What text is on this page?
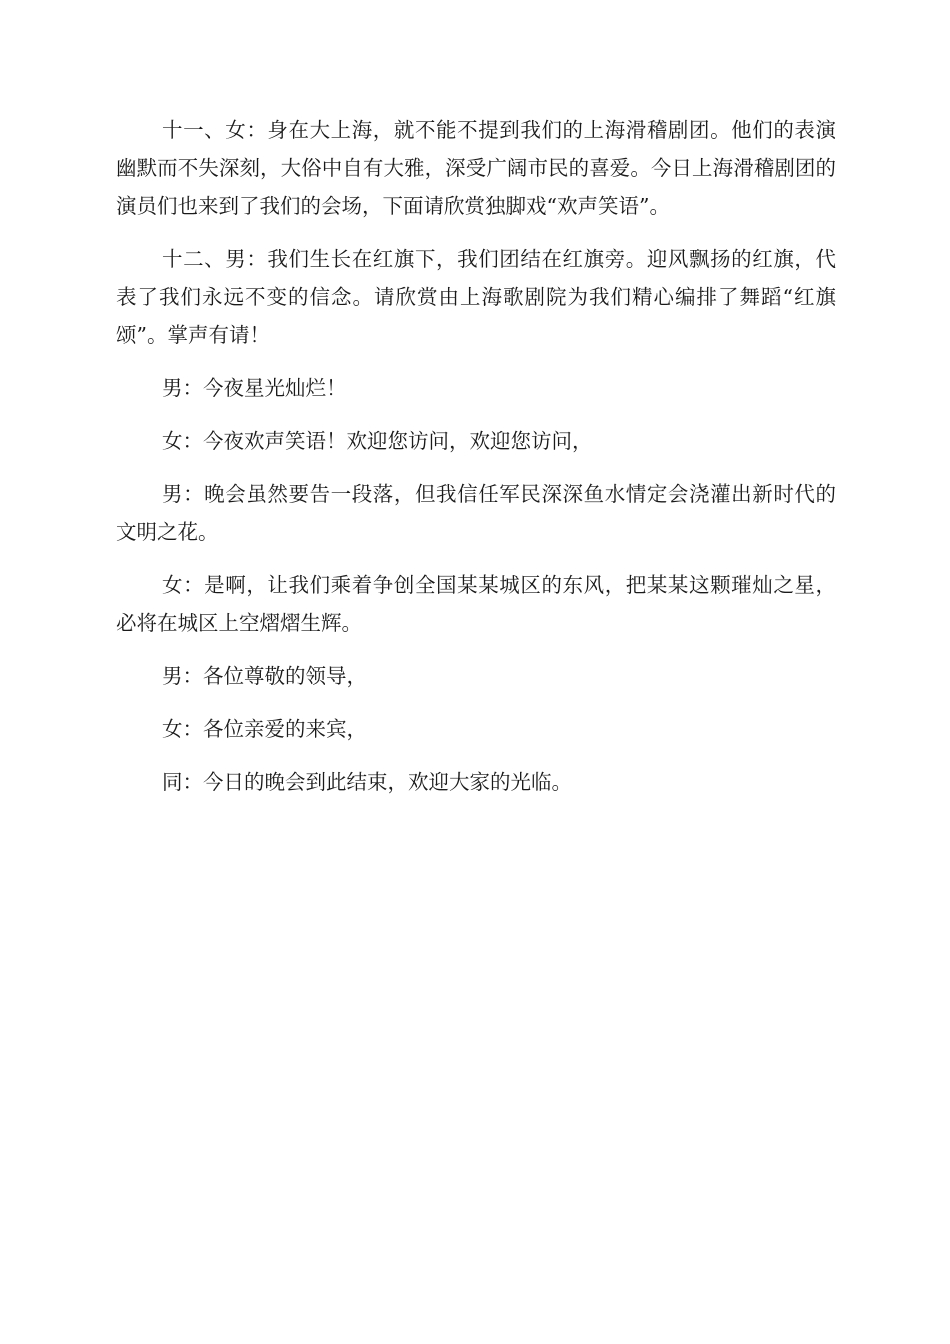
十一、女：身在大上海，就不能不提到我们的上海滑稽剧团。他们的表演幽默而不失深刻，大俗中自有大雅，深受广阔市民的喜爱。今日上海滑稽剧团的演员们也来到了我们的会场，下面请欣赏独脚戏“欢声笑语”。

十二、男：我们生长在红旗下，我们团结在红旗旁。迎风飘扬的红旗，代表了我们永远不变的信念。请欣赏由上海歌剧院为我们精心编排了舞蹈“红旗颂”。掌声有请！

男：今夜星光灿烂！

女：今夜欢声笑语！欢迎您访问，欢迎您访问，

男：晚会虽然要告一段落，但我信任军民深深鱼水情定会浇灌出新时代的文明之花。

女：是啊，让我们乘着争创全国某某城区的东风，把某某这颗璀灿之星，必将在城区上空熠熠生辉。

男：各位尊敬的领导，

女：各位亲爱的来宾，

同：今日的晚会到此结束，欢迎大家的光临。
